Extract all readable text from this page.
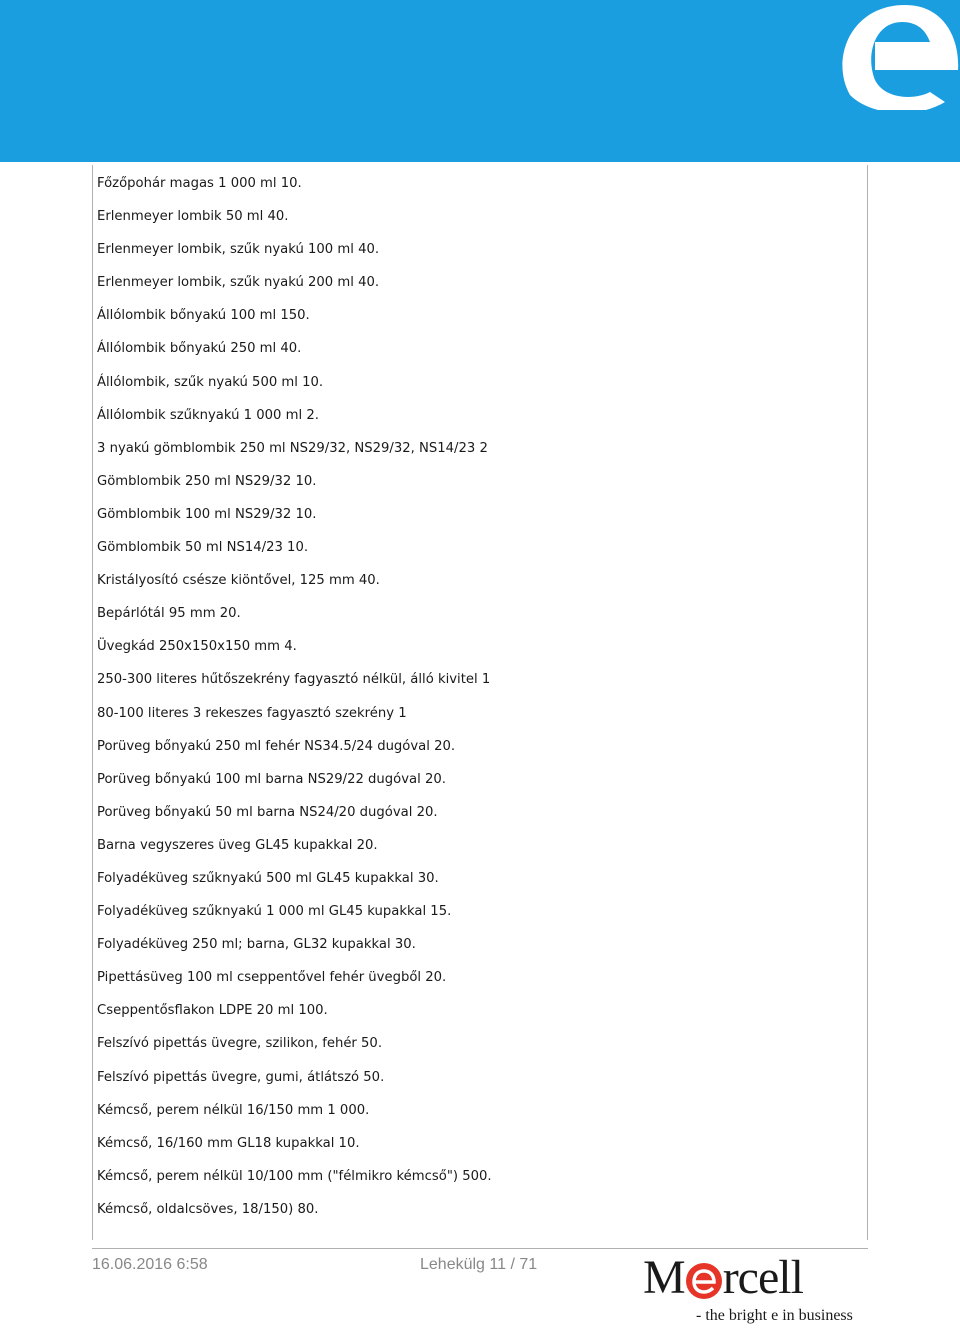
Főzőpohár magas 1 000 ml 10.
Erlenmeyer lombik 50 ml 40.
Erlenmeyer lombik, szűk nyakú 100 ml 40.
Erlenmeyer lombik, szűk nyakú 200 ml 40.
Állólombik bőnyakú 100 ml 150.
Állólombik bőnyakú 250 ml 40.
Állólombik, szűk nyakú 500 ml 10.
Állólombik szűknyakú 1 000 ml 2.
3 nyakú gömblombik 250 ml NS29/32, NS29/32, NS14/23 2
Gömblombik 250 ml NS29/32 10.
Gömblombik 100 ml NS29/32 10.
Gömblombik 50 ml NS14/23 10.
Kristályosító csésze kiöntővel, 125 mm 40.
Bepárlótál 95 mm 20.
Üvegkád 250x150x150 mm 4.
250-300 literes hűtőszekrény fagyasztó nélkül, álló kivitel 1
80-100 literes 3 rekeszes fagyasztó szekrény 1
Porüveg bőnyakú 250 ml fehér NS34.5/24 dugóval 20.
Porüveg bőnyakú 100 ml barna NS29/22 dugóval 20.
Porüveg bőnyakú 50 ml barna NS24/20 dugóval 20.
Barna vegyszeres üveg GL45 kupakkal 20.
Folyadéküveg szűknyakú 500 ml GL45 kupakkal 30.
Folyadéküveg szűknyakú 1 000 ml GL45 kupakkal 15.
Folyadéküveg 250 ml; barna, GL32 kupakkal 30.
Pipettásüveg 100 ml cseppentővel fehér üvegből 20.
Cseppentősflakon LDPE 20 ml 100.
Felszívó pipettás üvegre, szilikon, fehér 50.
Felszívó pipettás üvegre, gumi, átlátszó 50.
Kémcső, perem nélkül 16/150 mm 1 000.
Kémcső, 16/160 mm GL18 kupakkal 10.
Kémcső, perem nélkül 10/100 mm ("félmikro kémcső") 500.
Kémcső, oldalcsöves, 18/150) 80.
16.06.2016 6:58	Lehekülg 11 / 71 M rcell
- the bright e in business
